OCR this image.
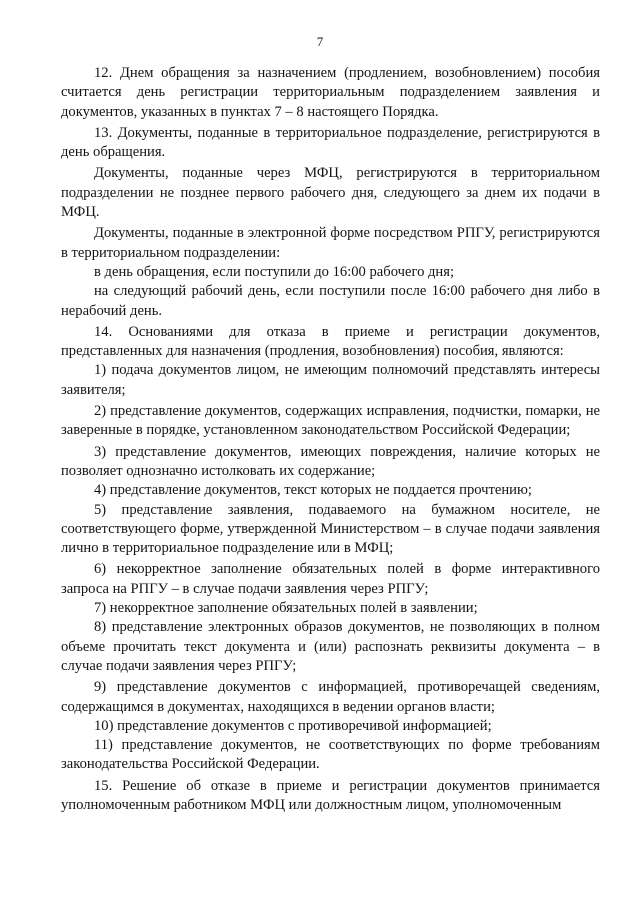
7

12. Днем обращения за назначением (продлением, возобновлением) пособия считается день регистрации территориальным подразделением заявления и документов, указанных в пунктах 7 – 8 настоящего Порядка.

13. Документы, поданные в территориальное подразделение, регистрируются в день обращения.

Документы, поданные через МФЦ, регистрируются в территориальном подразделении не позднее первого рабочего дня, следующего за днем их подачи в МФЦ.

Документы, поданные в электронной форме посредством РПГУ, регистрируются в территориальном подразделении:

в день обращения, если поступили до 16:00 рабочего дня;

на следующий рабочий день, если поступили после 16:00 рабочего дня либо в нерабочий день.

14. Основаниями для отказа в приеме и регистрации документов, представленных для назначения (продления, возобновления) пособия, являются:

1) подача документов лицом, не имеющим полномочий представлять интересы заявителя;

2) представление документов, содержащих исправления, подчистки, помарки, не заверенные в порядке, установленном законодательством Российской Федерации;

3) представление документов, имеющих повреждения, наличие которых не позволяет однозначно истолковать их содержание;

4) представление документов, текст которых не поддается прочтению;

5) представление заявления, подаваемого на бумажном носителе, не соответствующего форме, утвержденной Министерством – в случае подачи заявления лично в территориальное подразделение или в МФЦ;

6) некорректное заполнение обязательных полей в форме интерактивного запроса на РПГУ – в случае подачи заявления через РПГУ;

7) некорректное заполнение обязательных полей в заявлении;

8) представление электронных образов документов, не позволяющих в полном объеме прочитать текст документа и (или) распознать реквизиты документа – в случае подачи заявления через РПГУ;

9) представление документов с информацией, противоречащей сведениям, содержащимся в документах, находящихся в ведении органов власти;

10) представление документов с противоречивой информацией;

11) представление документов, не соответствующих по форме требованиям законодательства Российской Федерации.

15. Решение об отказе в приеме и регистрации документов принимается уполномоченным работником МФЦ или должностным лицом, уполномоченным
